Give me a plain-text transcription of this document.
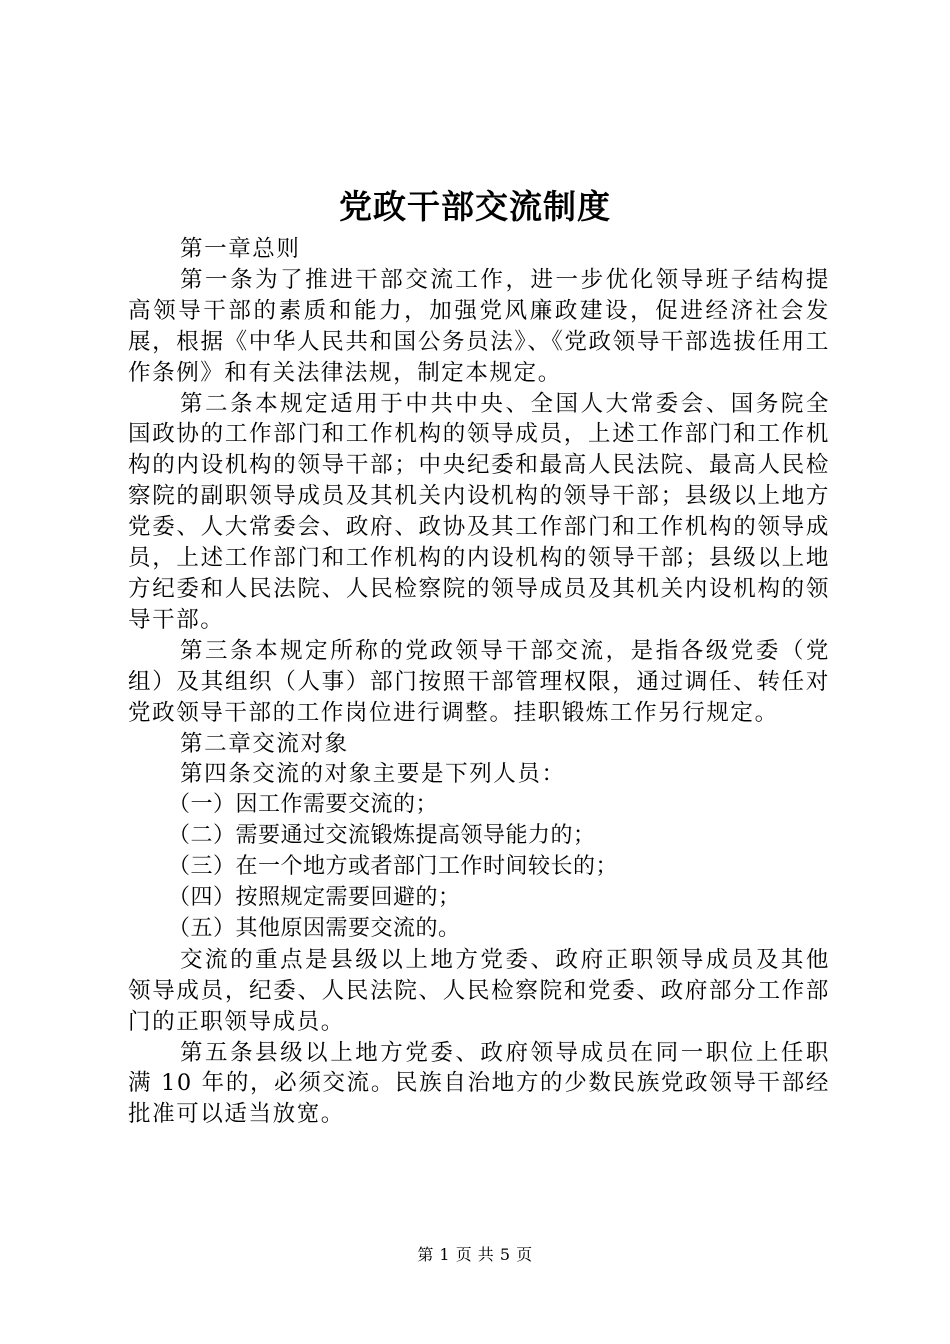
党政干部交流制度

第一章总则

第一条为了推进干部交流工作，进一步优化领导班子结构提高领导干部的素质和能力，加强党风廉政建设，促进经济社会发展，根据《中华人民共和国公务员法》、《党政领导干部选拔任用工作条例》和有关法律法规，制定本规定。

第二条本规定适用于中共中央、全国人大常委会、国务院全国政协的工作部门和工作机构的领导成员，上述工作部门和工作机构的内设机构的领导干部；中央纪委和最高人民法院、最高人民检察院的副职领导成员及其机关内设机构的领导干部；县级以上地方党委、人大常委会、政府、政协及其工作部门和工作机构的领导成员，上述工作部门和工作机构的内设机构的领导干部；县级以上地方纪委和人民法院、人民检察院的领导成员及其机关内设机构的领导干部。

第三条本规定所称的党政领导干部交流，是指各级党委（党组）及其组织（人事）部门按照干部管理权限，通过调任、转任对党政领导干部的工作岗位进行调整。挂职锻炼工作另行规定。

第二章交流对象

第四条交流的对象主要是下列人员：

（一）因工作需要交流的；

（二）需要通过交流锻炼提高领导能力的；

（三）在一个地方或者部门工作时间较长的；

（四）按照规定需要回避的；

（五）其他原因需要交流的。

交流的重点是县级以上地方党委、政府正职领导成员及其他领导成员，纪委、人民法院、人民检察院和党委、政府部分工作部门的正职领导成员。

第五条县级以上地方党委、政府领导成员在同一职位上任职满 10 年的，必须交流。民族自治地方的少数民族党政领导干部经批准可以适当放宽。

第 1 页 共 5 页
